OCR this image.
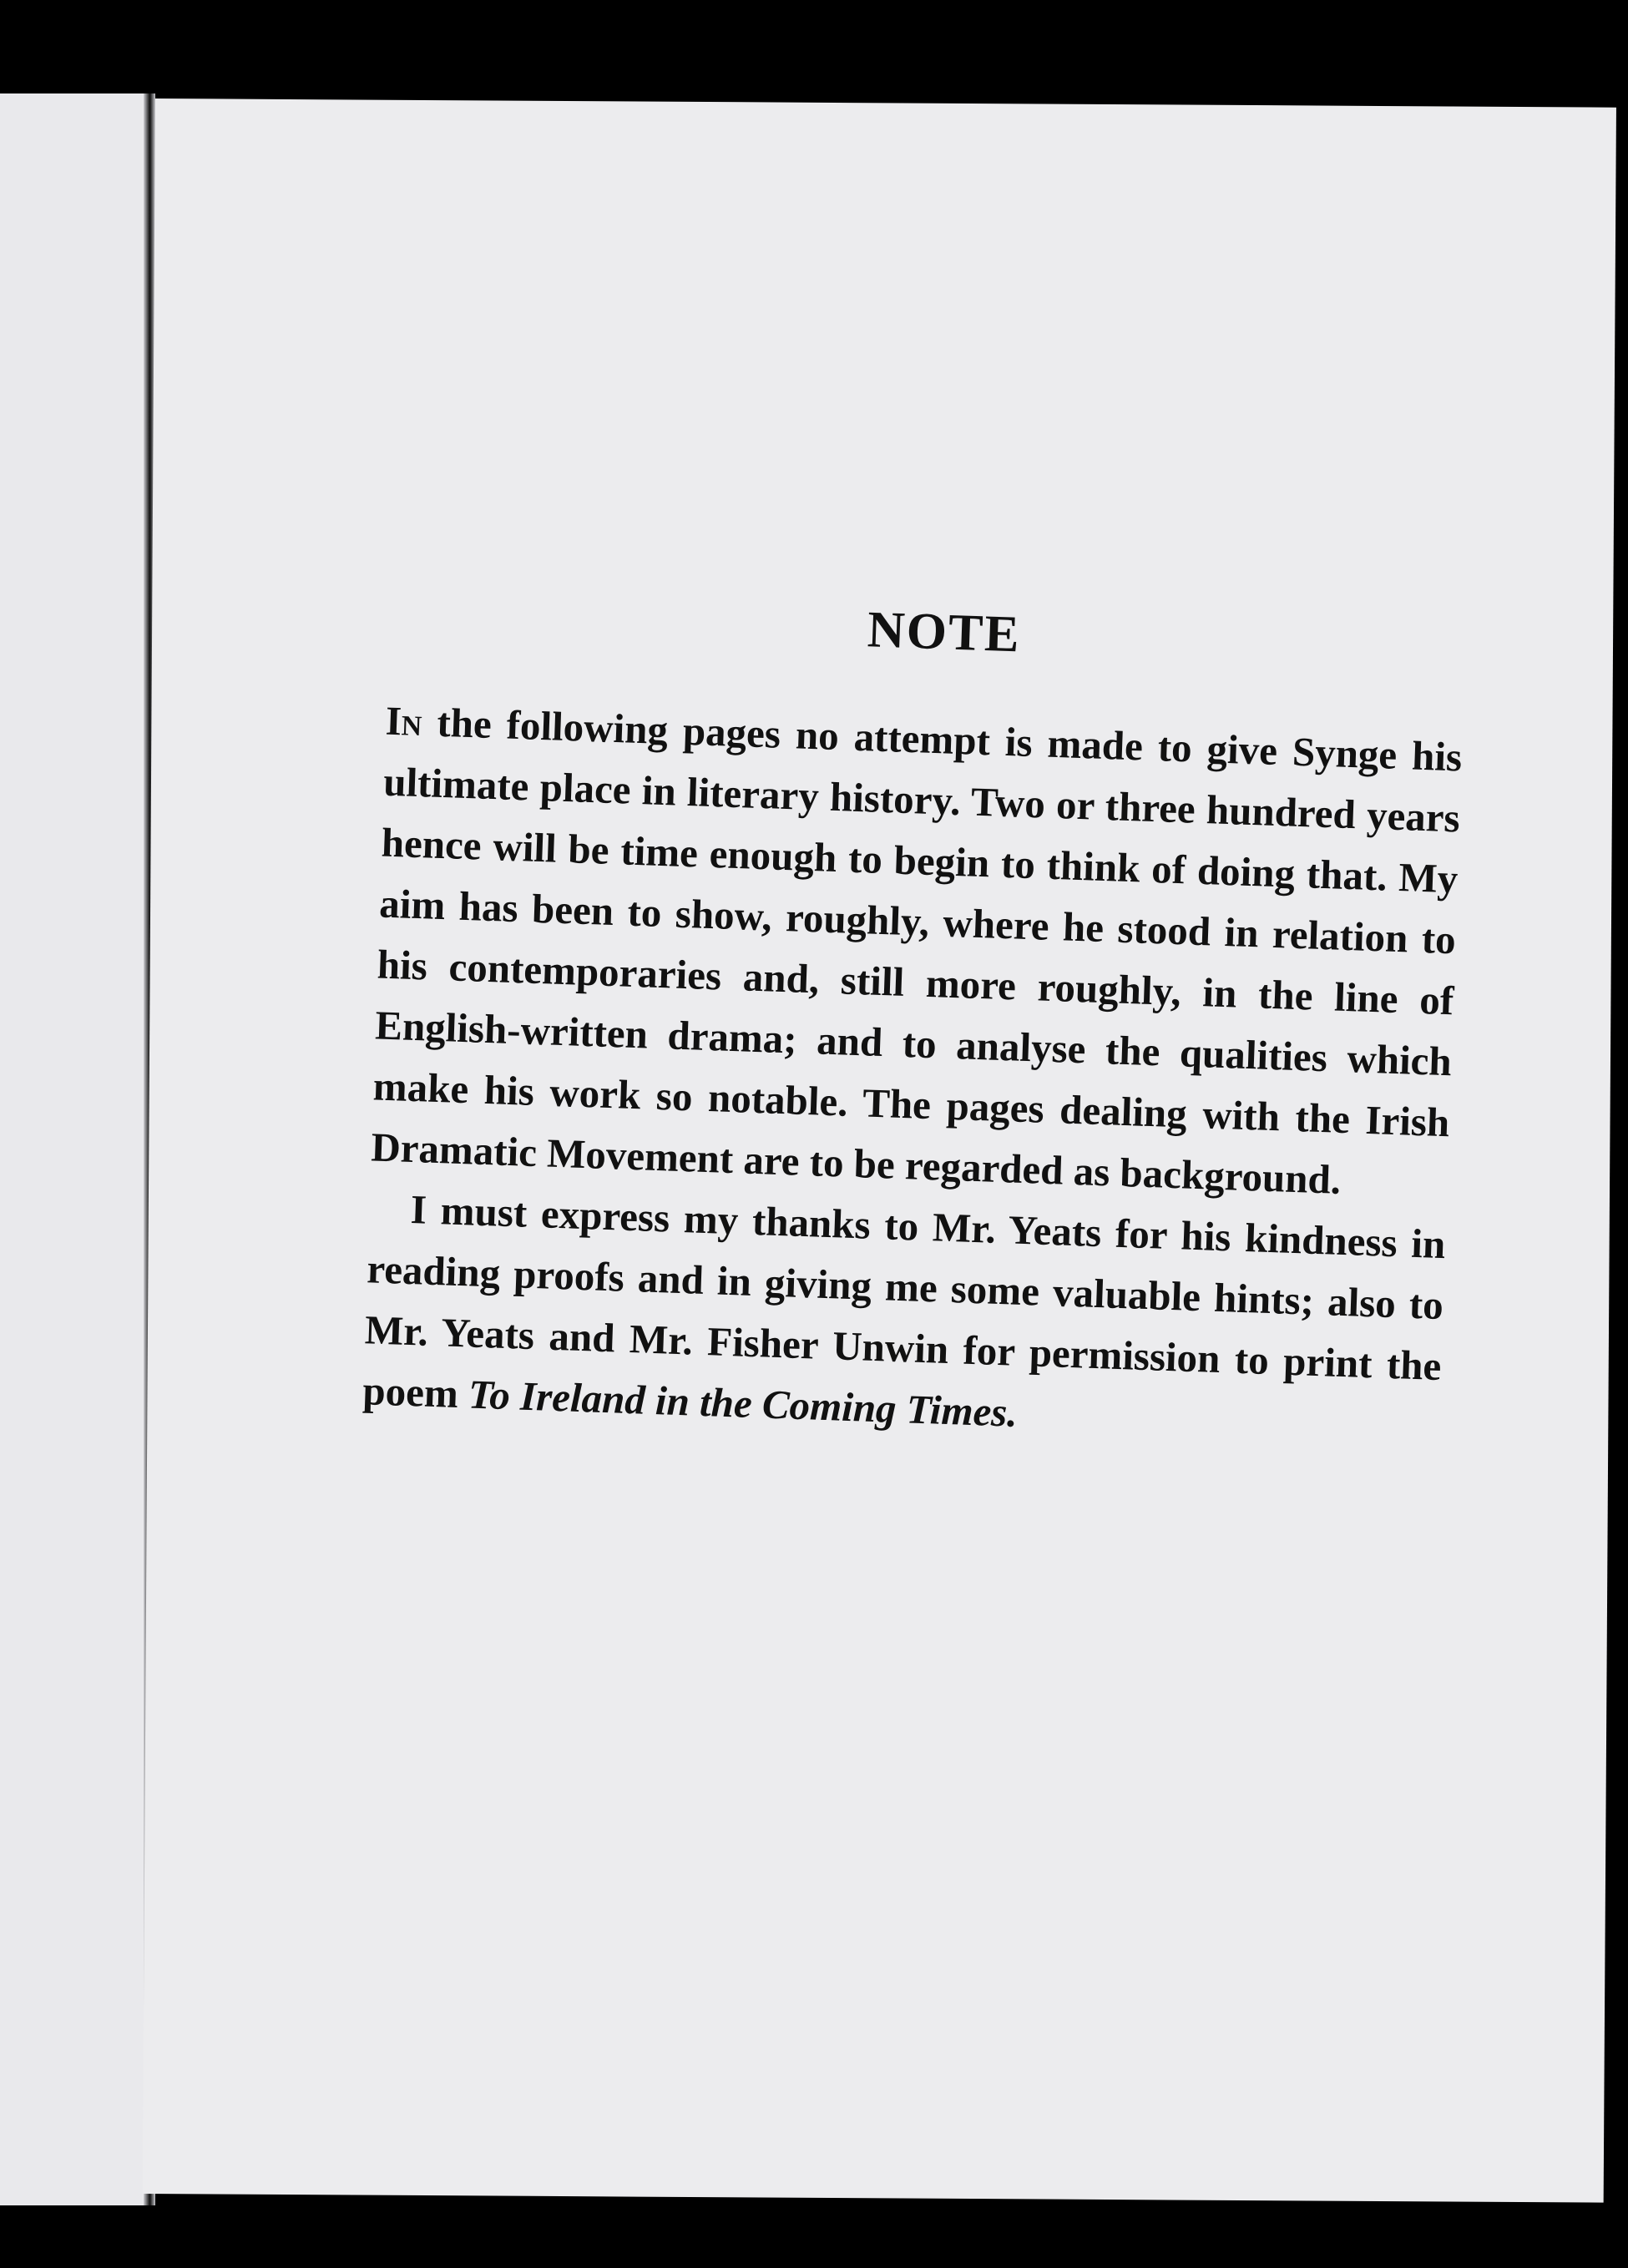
NOTE

In the following pages no attempt is made to give Synge his ultimate place in literary history. Two or three hundred years hence will be time enough to begin to think of doing that. My aim has been to show, roughly, where he stood in relation to his contemporaries and, still more roughly, in the line of English-written drama; and to analyse the qualities which make his work so notable. The pages dealing with the Irish Dramatic Movement are to be regarded as background.

I must express my thanks to Mr. Yeats for his kindness in reading proofs and in giving me some valuable hints; also to Mr. Yeats and Mr. Fisher Unwin for permission to print the poem To Ireland in the Coming Times.
